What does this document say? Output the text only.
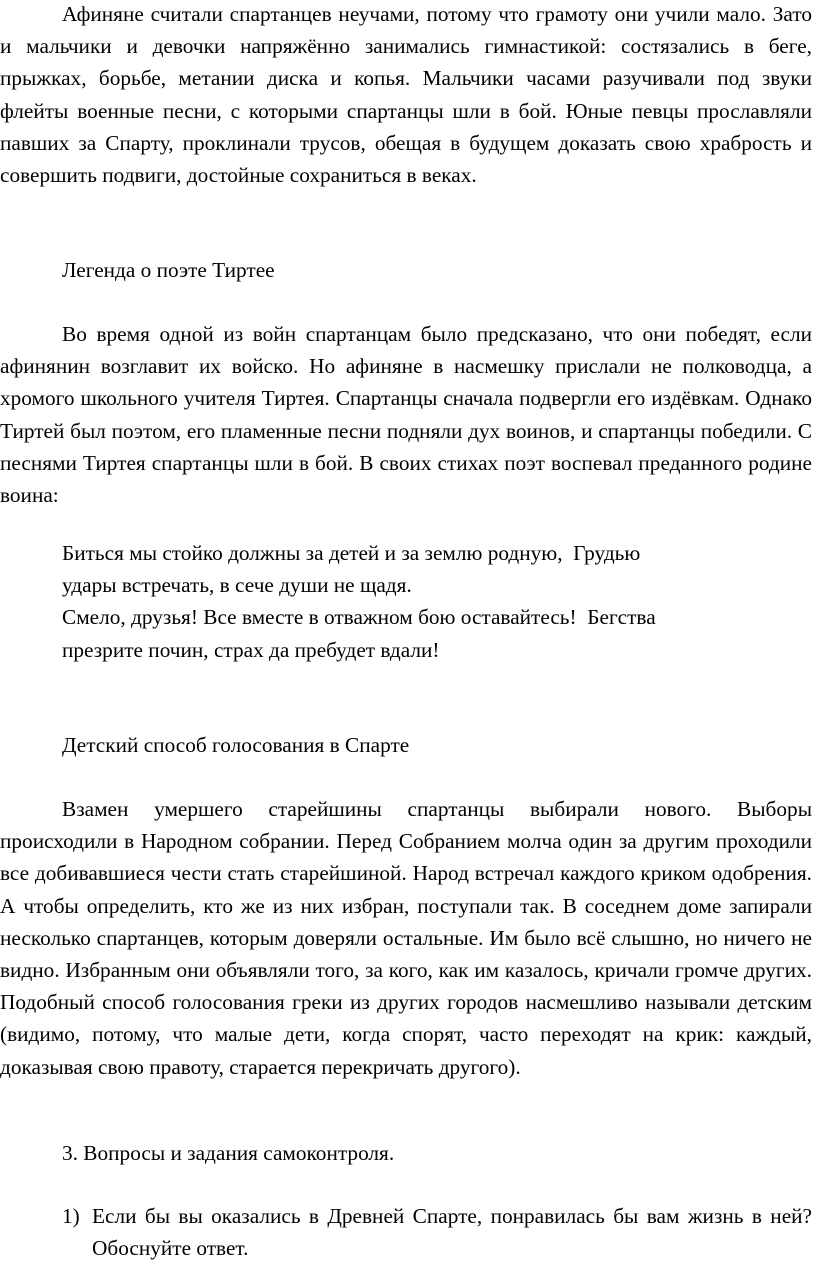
Афиняне считали спартанцев неучами, потому что грамоту они учили мало. Зато и мальчики и девочки напряжённо занимались гимнастикой: состязались в беге, прыжках, борьбе, метании диска и копья. Мальчики часами разучивали под звуки флейты военные песни, с которыми спартанцы шли в бой. Юные певцы прославляли павших за Спарту, проклинали трусов, обещая в будущем доказать свою храбрость и совершить подвиги, достойные сохраниться в веках.

Легенда о поэте Тиртее

Во время одной из войн спартанцам было предсказано, что они победят, если афинянин возглавит их войско. Но афиняне в насмешку прислали не полководца, а хромого школьного учителя Тиртея. Спартанцы сначала подвергли его издёвкам. Однако Тиртей был поэтом, его пламенные песни подняли дух воинов, и спартанцы победили. С песнями Тиртея спартанцы шли в бой. В своих стихах поэт воспевал преданного родине воина:

Биться мы стойко должны за детей и за землю родную,  Грудью
удары встречать, в сече души не щадя.
Смело, друзья! Все вместе в отважном бою оставайтесь!  Бегства
презрите почин, страх да пребудет вдали!
Детский способ голосования в Спарте

Взамен умершего старейшины спартанцы выбирали нового. Выборы происходили в Народном собрании. Перед Собранием молча один за другим проходили все добивавшиеся чести стать старейшиной. Народ встречал каждого криком одобрения. А чтобы определить, кто же из них избран, поступали так. В соседнем доме запирали несколько спартанцев, которым доверяли остальные. Им было всё слышно, но ничего не видно. Избранным они объявляли того, за кого, как им казалось, кричали громче других. Подобный способ голосования греки из других городов насмешливо называли детским (видимо, потому, что малые дети, когда спорят, часто переходят на крик: каждый, доказывая свою правоту, старается перекричать другого).

3. Вопросы и задания самоконтроля.
1) Если бы вы оказались в Древней Спарте, понравилась бы вам жизнь в ней? Обоснуйте ответ.
